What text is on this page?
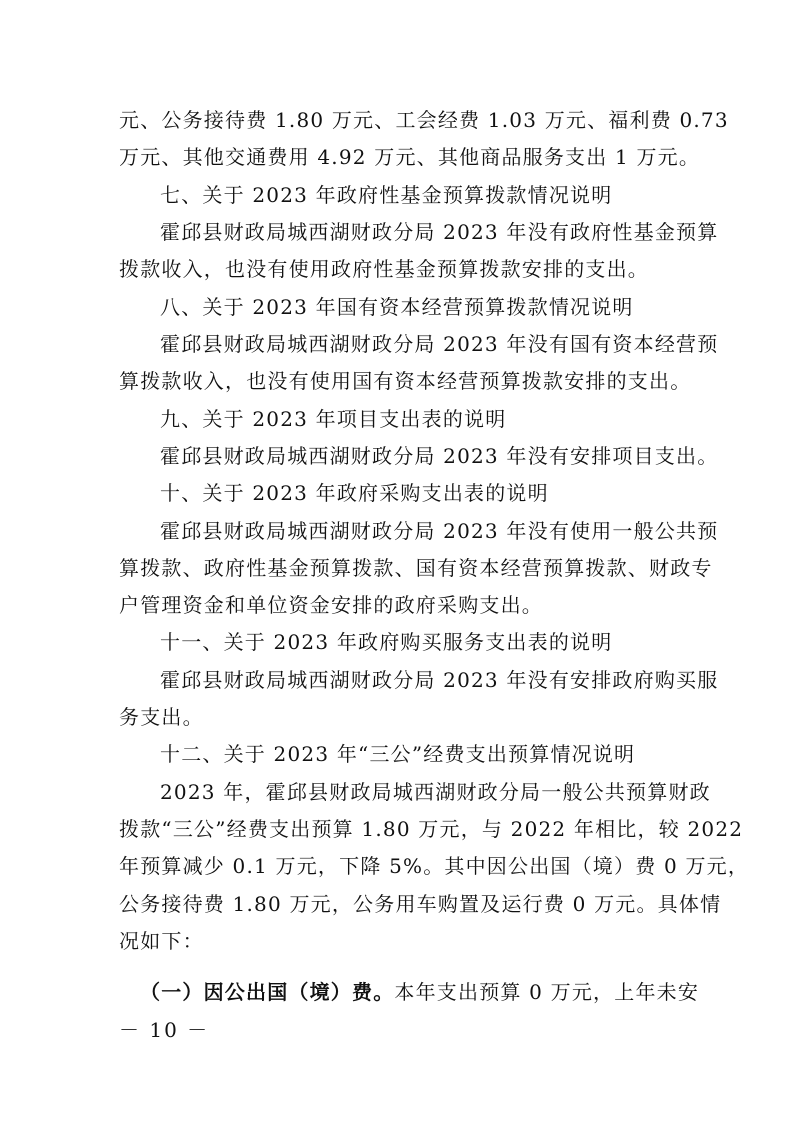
元、公务接待费 1.80 万元、工会经费 1.03 万元、福利费 0.73
万元、其他交通费用 4.92 万元、其他商品服务支出 1 万元。
七、关于 2023 年政府性基金预算拨款情况说明
霍邱县财政局城西湖财政分局 2023 年没有政府性基金预算
拨款收入，也没有使用政府性基金预算拨款安排的支出。
八、关于 2023 年国有资本经营预算拨款情况说明
霍邱县财政局城西湖财政分局 2023 年没有国有资本经营预
算拨款收入，也没有使用国有资本经营预算拨款安排的支出。
九、关于 2023 年项目支出表的说明
霍邱县财政局城西湖财政分局 2023 年没有安排项目支出。
十、关于 2023 年政府采购支出表的说明
霍邱县财政局城西湖财政分局 2023 年没有使用一般公共预
算拨款、政府性基金预算拨款、国有资本经营预算拨款、财政专
户管理资金和单位资金安排的政府采购支出。
十一、关于 2023 年政府购买服务支出表的说明
霍邱县财政局城西湖财政分局 2023 年没有安排政府购买服
务支出。
十二、关于 2023 年“三公”经费支出预算情况说明
2023 年，霍邱县财政局城西湖财政分局一般公共预算财政
拨款“三公”经费支出预算 1.80 万元，与 2022 年相比，较 2022
年预算减少 0.1 万元，下降 5%。其中因公出国（境）费 0 万元，
公务接待费 1.80 万元，公务用车购置及运行费 0 万元。具体情
况如下：
（一）因公出国（境）费。本年支出预算 0 万元，上年未安
－ 10 －
